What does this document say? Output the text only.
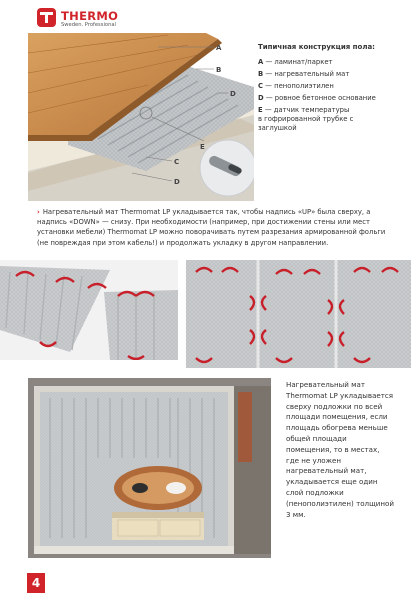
THERMO
Sweden. Professional
A
B
D
E
C
D
Типичная конструкция пола:
A — ламинат/паркет
B — нагревательный мат
C — пенополиэтилен
D — ровное бетонное основание
E — датчик температуры в гофрированной трубке с заглушкой
› Нагревательный мат Thermomat LP укладывается так, чтобы надпись «UP» была сверху, а надпись «DOWN» — снизу. При необходимости (например, при достижении стены или мест установки мебели) Thermomat LP можно поворачивать путем разрезания армированной фольги (не повреждая при этом кабель!) и продолжать укладку в другом направлении.
Нагревательный мат Thermomat LP укладывается сверху подложки по всей площади помещения, если площадь обогрева меньше общей площади помещения, то в местах, где не уложен нагревательный мат, укладывается еще один слой подложки (пенополиэтилен) толщиной 3 мм.
4
